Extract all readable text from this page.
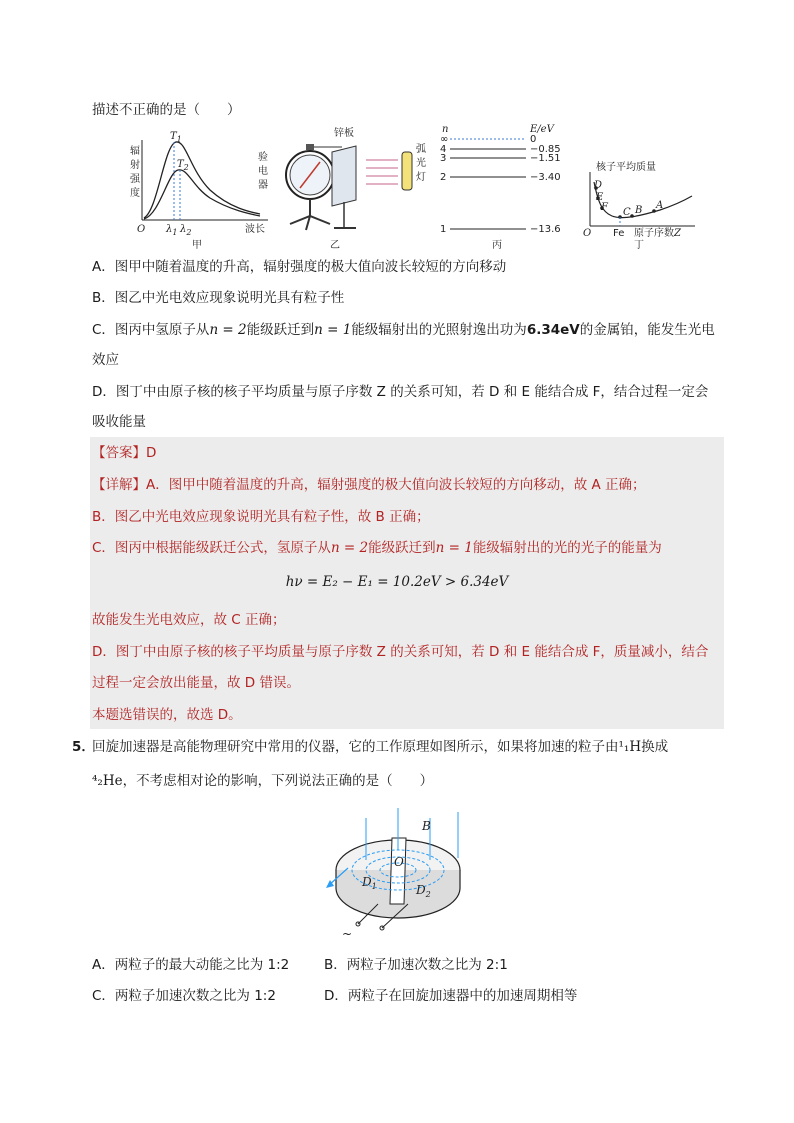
描述不正确的是（　　）
辐
射
强
度
$T_1$
$T_2$
O $\lambda_1$ $\lambda_2$	波长
甲
锌板
验
电
器
弧
光
灯
乙
n	E/eV
∞
4
3
2
1
0
−0.85
−1.51
−3.40
−13.6
丙
核子平均质量
D
E
F C B A
O Fe 原子序数Z
丁
A．图甲中随着温度的升高，辐射强度的极大值向波长较短的方向移动
B．图乙中光电效应现象说明光具有粒子性
C．图丙中氢原子从n = 2能级跃迁到n = 1能级辐射出的光照射逸出功为6.34eV的金属铂，能发生光电
效应
D．图丁中由原子核的核子平均质量与原子序数 Z 的关系可知，若 D 和 E 能结合成 F，结合过程一定会
吸收能量
【答案】D
【详解】A．图甲中随着温度的升高，辐射强度的极大值向波长较短的方向移动，故 A 正确；
B．图乙中光电效应现象说明光具有粒子性，故 B 正确；
C．图丙中根据能级跃迁公式，氢原子从n = 2能级跃迁到n = 1能级辐射出的光的光子的能量为
hν = E₂ − E₁ = 10.2eV > 6.34eV
故能发生光电效应，故 C 正确；
D．图丁中由原子核的核子平均质量与原子序数 Z 的关系可知，若 D 和 E 能结合成 F，质量减小，结合
过程一定会放出能量，故 D 错误。
本题选错误的，故选 D。
5．
回旋加速器是高能物理研究中常用的仪器，它的工作原理如图所示，如果将加速的粒子由¹₁H换成
⁴₂He，不考虑相对论的影响，下列说法正确的是（　　）
B
O
$D_1$	$D_2$
~
A．两粒子的最大动能之比为 1:2	B．两粒子加速次数之比为 2:1
C．两粒子加速次数之比为 1:2	D．两粒子在回旋加速器中的加速周期相等
